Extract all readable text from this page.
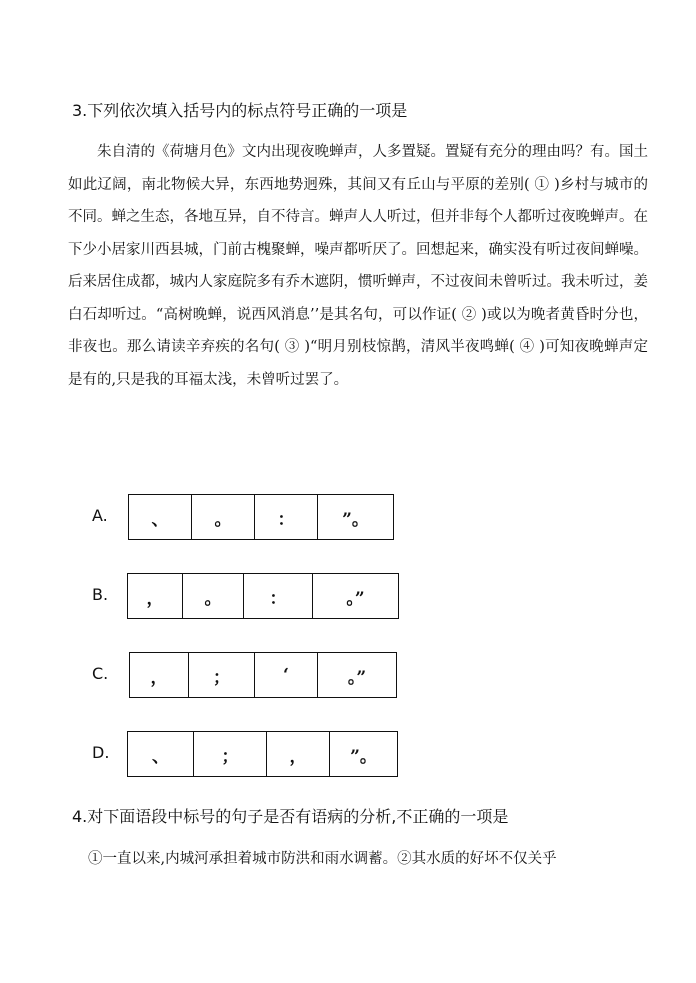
3.下列依次填入括号内的标点符号正确的一项是

朱自清的《荷塘月色》文内出现夜晚蝉声，人多置疑。置疑有充分的理由吗？有。国土如此辽阔，南北物候大异，东西地势迥殊，其间又有丘山与平原的差别( ① )乡村与城市的不同。蝉之生态，各地互异，自不待言。蝉声人人听过，但并非每个人都听过夜晚蝉声。在下少小居家川西县城，门前古槐聚蝉，噪声都听厌了。回想起来，确实没有听过夜间蝉噪。后来居住成都，城内人家庭院多有乔木遮阴，惯听蝉声，不过夜间未曾听过。我未听过，姜白石却听过。“高树晚蝉，说西风消息’’是其名句，可以作证( ② )或以为晚者黄昏时分也，非夜也。那么请读辛弃疾的名句( ③ )“明月别枝惊鹊，清风半夜鸣蝉( ④ )可知夜晚蝉声定是有的,只是我的耳福太浅，未曾听过罢了。

A.	、	。	：	”。
B.	，	。	：	。”
C.	，	；	‘	。”
D.	、	；	，	”。
4.对下面语段中标号的句子是否有语病的分析,不正确的一项是
①一直以来,内城河承担着城市防洪和雨水调蓄。②其水质的好坏不仅关乎
